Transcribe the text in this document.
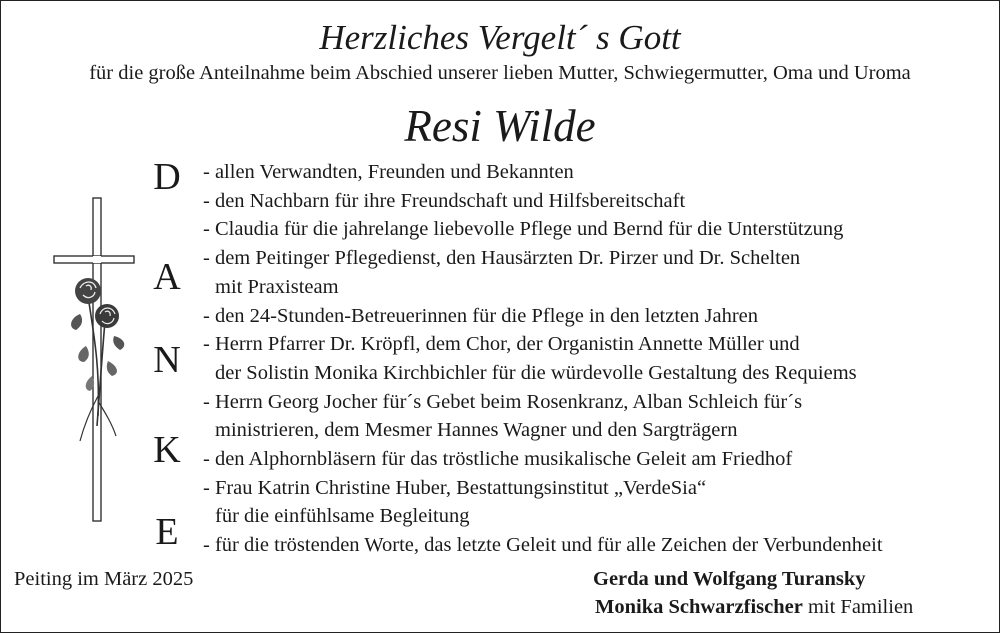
Herzliches Vergelt´ s Gott
für die große Anteilnahme beim Abschied unserer lieben Mutter, Schwiegermutter, Oma und Uroma
Resi Wilde
D
A
N
K
E
- allen Verwandten, Freunden und Bekannten
- den Nachbarn für ihre Freundschaft und Hilfsbereitschaft
- Claudia für die jahrelange liebevolle Pflege und Bernd für die Unterstützung
- dem Peitinger Pflegedienst, den Hausärzten Dr. Pirzer und Dr. Schelten
mit Praxisteam
- den 24-Stunden-Betreuerinnen für die Pflege in den letzten Jahren
- Herrn Pfarrer Dr. Kröpfl, dem Chor, der Organistin Annette Müller und
der Solistin Monika Kirchbichler für die würdevolle Gestaltung des Requiems
- Herrn Georg Jocher für´s Gebet beim Rosenkranz, Alban Schleich für´s
ministrieren, dem Mesmer Hannes Wagner und den Sargträgern
- den Alphornbläsern für das tröstliche musikalische Geleit am Friedhof
- Frau Katrin Christine Huber, Bestattungsinstitut „VerdeSia“
für die einfühlsame Begleitung
- für die tröstenden Worte, das letzte Geleit und für alle Zeichen der Verbundenheit
Peiting im März 2025	Gerda und Wolfgang Turansky
Monika Schwarzfischer mit Familien
